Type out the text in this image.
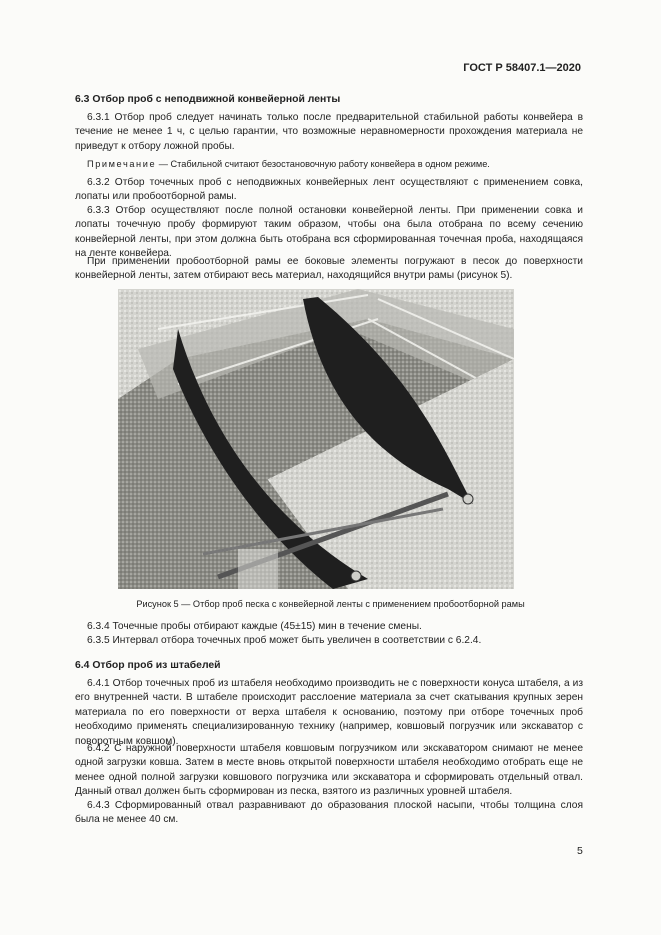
ГОСТ Р 58407.1—2020
6.3 Отбор проб с неподвижной конвейерной ленты

6.3.1 Отбор проб следует начинать только после предварительной стабильной работы конвейера в течение не менее 1 ч, с целью гарантии, что возможные неравномерности прохождения материала не приведут к отбору ложной пробы.

Примечание — Стабильной считают безостановочную работу конвейера в одном режиме.

6.3.2 Отбор точечных проб с неподвижных конвейерных лент осуществляют с применением совка, лопаты или пробоотборной рамы.

6.3.3 Отбор осуществляют после полной остановки конвейерной ленты. При применении совка и лопаты точечную пробу формируют таким образом, чтобы она была отобрана по всему сечению конвейерной ленты, при этом должна быть отобрана вся сформированная точечная проба, находящаяся на ленте конвейера.

При применении пробоотборной рамы ее боковые элементы погружают в песок до поверхности конвейерной ленты, затем отбирают весь материал, находящийся внутри рамы (рисунок 5).

Рисунок 5 — Отбор проб песка с конвейерной ленты с применением пробоотборной рамы

6.3.4 Точечные пробы отбирают каждые (45±15) мин в течение смены.

6.3.5 Интервал отбора точечных проб может быть увеличен в соответствии с 6.2.4.

6.4 Отбор проб из штабелей

6.4.1 Отбор точечных проб из штабеля необходимо производить не с поверхности конуса штабеля, а из его внутренней части. В штабеле происходит расслоение материала за счет скатывания крупных зерен материала по его поверхности от верха штабеля к основанию, поэтому при отборе точечных проб необходимо применять специализированную технику (например, ковшовый погрузчик или экскаватор с поворотным ковшом).

6.4.2 С наружной поверхности штабеля ковшовым погрузчиком или экскаватором снимают не менее одной загрузки ковша. Затем в месте вновь открытой поверхности штабеля необходимо отобрать еще не менее одной полной загрузки ковшового погрузчика или экскаватора и сформировать отдельный отвал. Данный отвал должен быть сформирован из песка, взятого из различных уровней штабеля.

6.4.3 Сформированный отвал разравнивают до образования плоской насыпи, чтобы толщина слоя была не менее 40 см.

5
